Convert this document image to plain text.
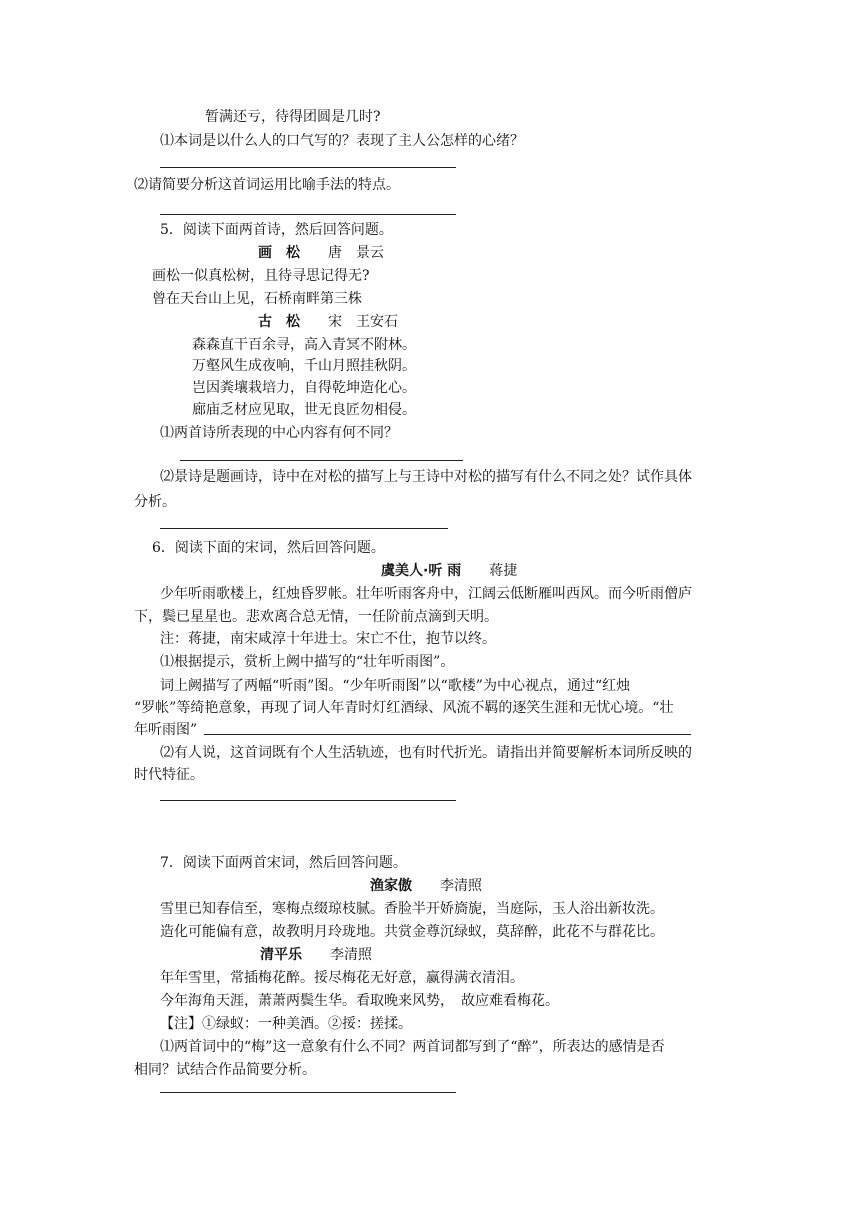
暂满还亏，待得团圆是几时?
⑴本词是以什么人的口气写的？表现了主人公怎样的心绪？
⑵请简要分析这首词运用比喻手法的特点。
5．阅读下面两首诗，然后回答问题。
画　松 唐　景云
画松一似真松树，且待寻思记得无?
曾在天台山上见，石桥南畔第三株
古　松 宋　王安石
森森直干百余寻，高入青冥不附林。
万壑风生成夜响，千山月照挂秋阴。
岂因粪壤栽培力，自得乾坤造化心。
廊庙乏材应见取，世无良匠勿相侵。
⑴两首诗所表现的中心内容有何不同？
⑵景诗是题画诗，诗中在对松的描写上与王诗中对松的描写有什么不同之处？试作具体
分析。
6．阅读下面的宋词，然后回答问题。
虞美人·听 雨 蒋捷
少年听雨歌楼上，红烛昏罗帐。壮年听雨客舟中，江阔云低断雁叫西风。而今听雨僧庐
下，鬓已星星也。悲欢离合总无情，一任阶前点滴到天明。
注：蒋捷，南宋咸淳十年进士。宋亡不仕，抱节以终。
⑴根据提示，赏析上阙中描写的“壮年听雨图”。
词上阙描写了两幅“听雨”图。“少年听雨图”以“歌楼”为中心视点，通过“红烛
“罗帐”等绮艳意象，再现了词人年青时灯红酒绿、风流不羁的逐笑生涯和无忧心境。“壮
年听雨图”
⑵有人说，这首词既有个人生活轨迹，也有时代折光。请指出并简要解析本词所反映的
时代特征。
7．阅读下面两首宋词，然后回答问题。
渔家傲 李清照
雪里已知春信至，寒梅点缀琼枝腻。香脸半开娇旖旎，当庭际，玉人浴出新妆洗。
造化可能偏有意，故教明月玲珑地。共赏金尊沉绿蚁，莫辞醉，此花不与群花比。
清平乐 李清照
年年雪里，常插梅花醉。挼尽梅花无好意，赢得满衣清泪。
今年海角天涯，萧萧两鬓生华。看取晚来风势，　故应难看梅花。
【注】①绿蚁：一种美酒。②挼：搓揉。
⑴两首词中的“梅”这一意象有什么不同？两首词都写到了“醉”，所表达的感情是否
相同？试结合作品简要分析。
